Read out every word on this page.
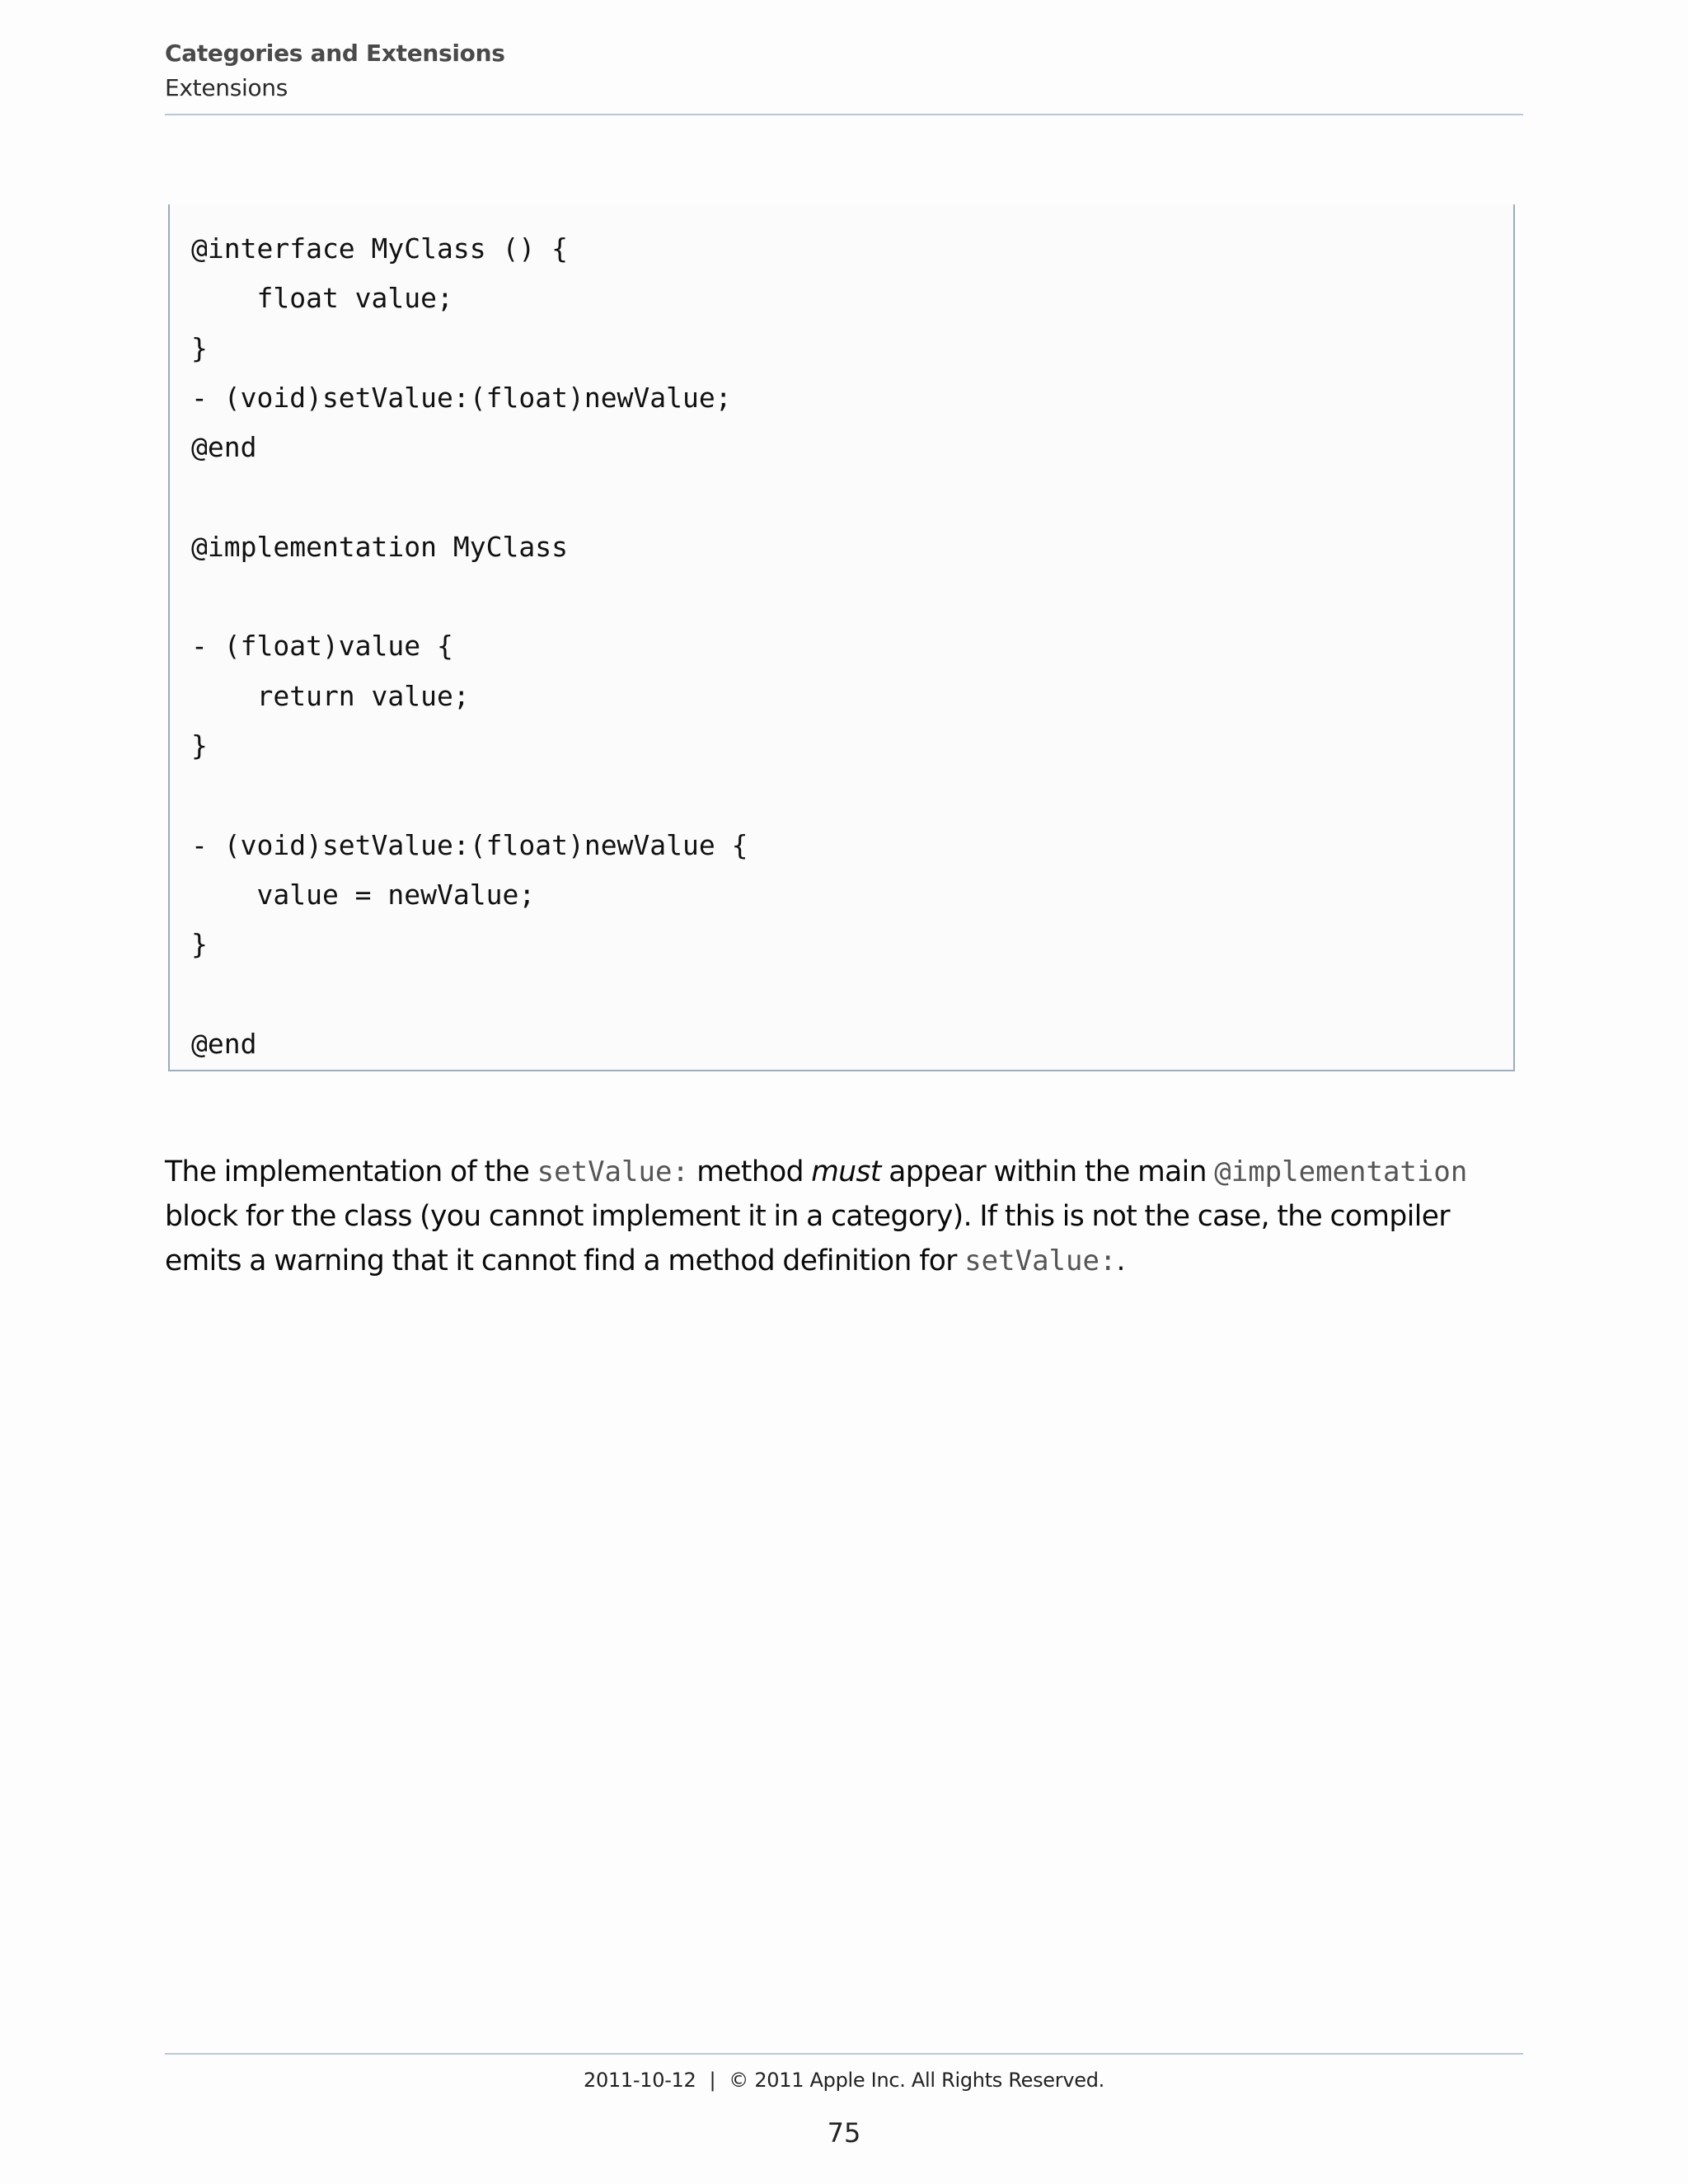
Categories and Extensions
Extensions
@interface MyClass () {
float value;
}
- (void)setValue:(float)newValue;
@end
@implementation MyClass
- (float)value {
return value;
}
- (void)setValue:(float)newValue {
value = newValue;
}
@end

The implementation of the setValue: method must appear within the main @implementation block for the class (you cannot implement it in a category). If this is not the case, the compiler emits a warning that it cannot find a method definition for setValue:.

2011-10-12 | © 2011 Apple Inc. All Rights Reserved.
75
